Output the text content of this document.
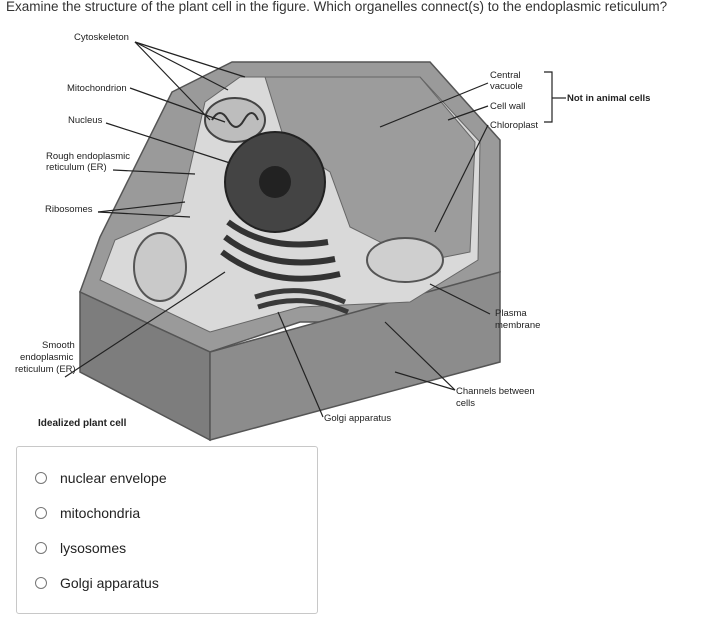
Examine the structure of the plant cell in the figure. Which organelles connect(s) to the endoplasmic reticulum?
Cytoskeleton
Mitochondrion
Nucleus
Rough endoplasmic
reticulum (ER)
Ribosomes
Smooth
endoplasmic
reticulum (ER)
Central
vacuole
Cell wall
Chloroplast
Not in animal cells
Plasma
membrane
Channels between
cells
Golgi apparatus
Idealized plant cell
nuclear envelope
mitochondria
lysosomes
Golgi apparatus
